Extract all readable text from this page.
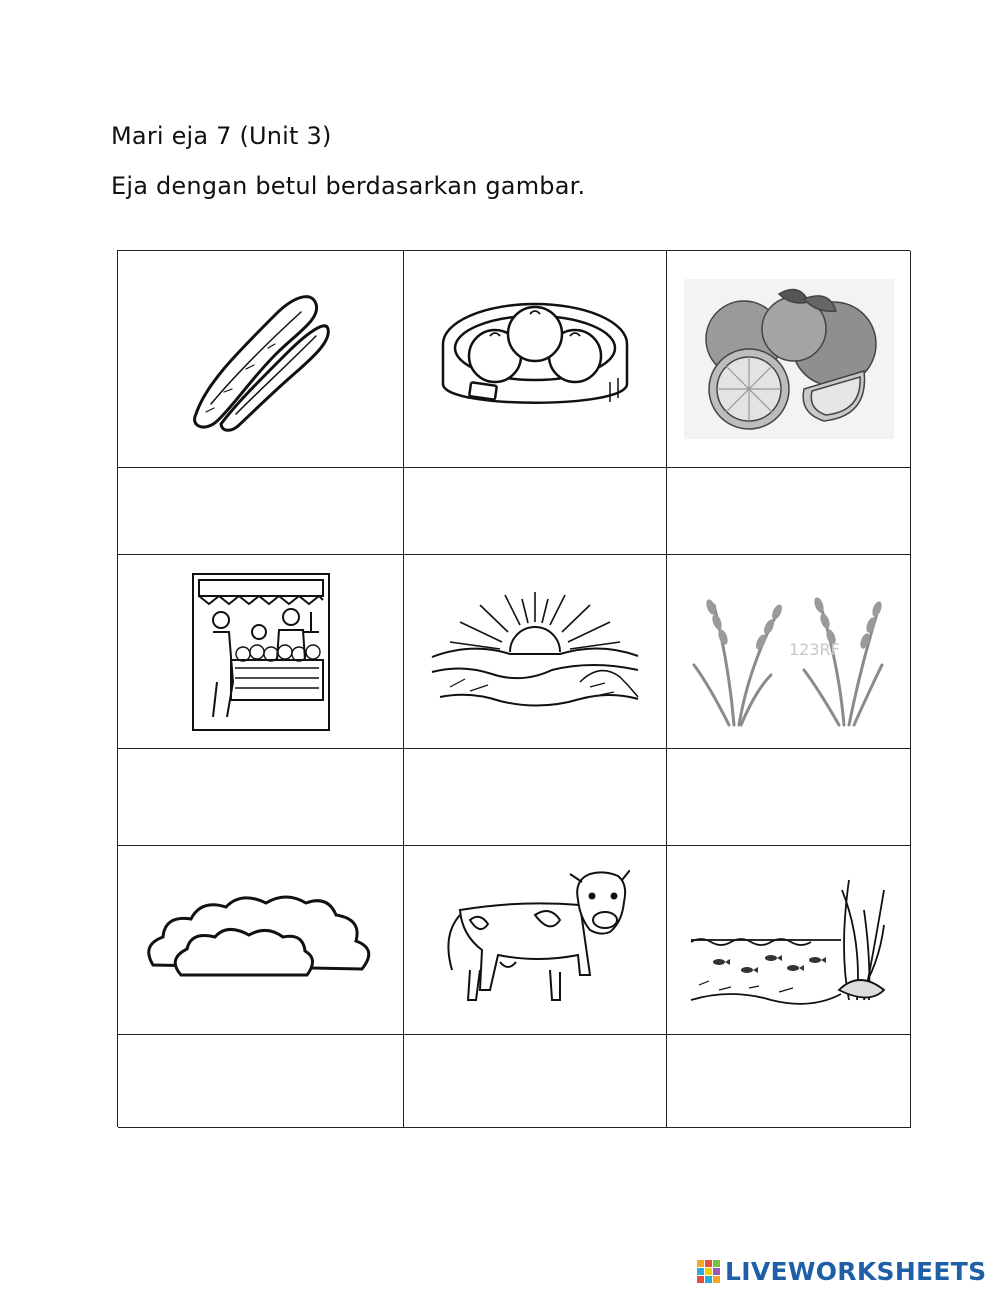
Mari eja 7 (Unit 3)
Eja dengan betul berdasarkan gambar.
123RF
LIVEWORKSHEETS
